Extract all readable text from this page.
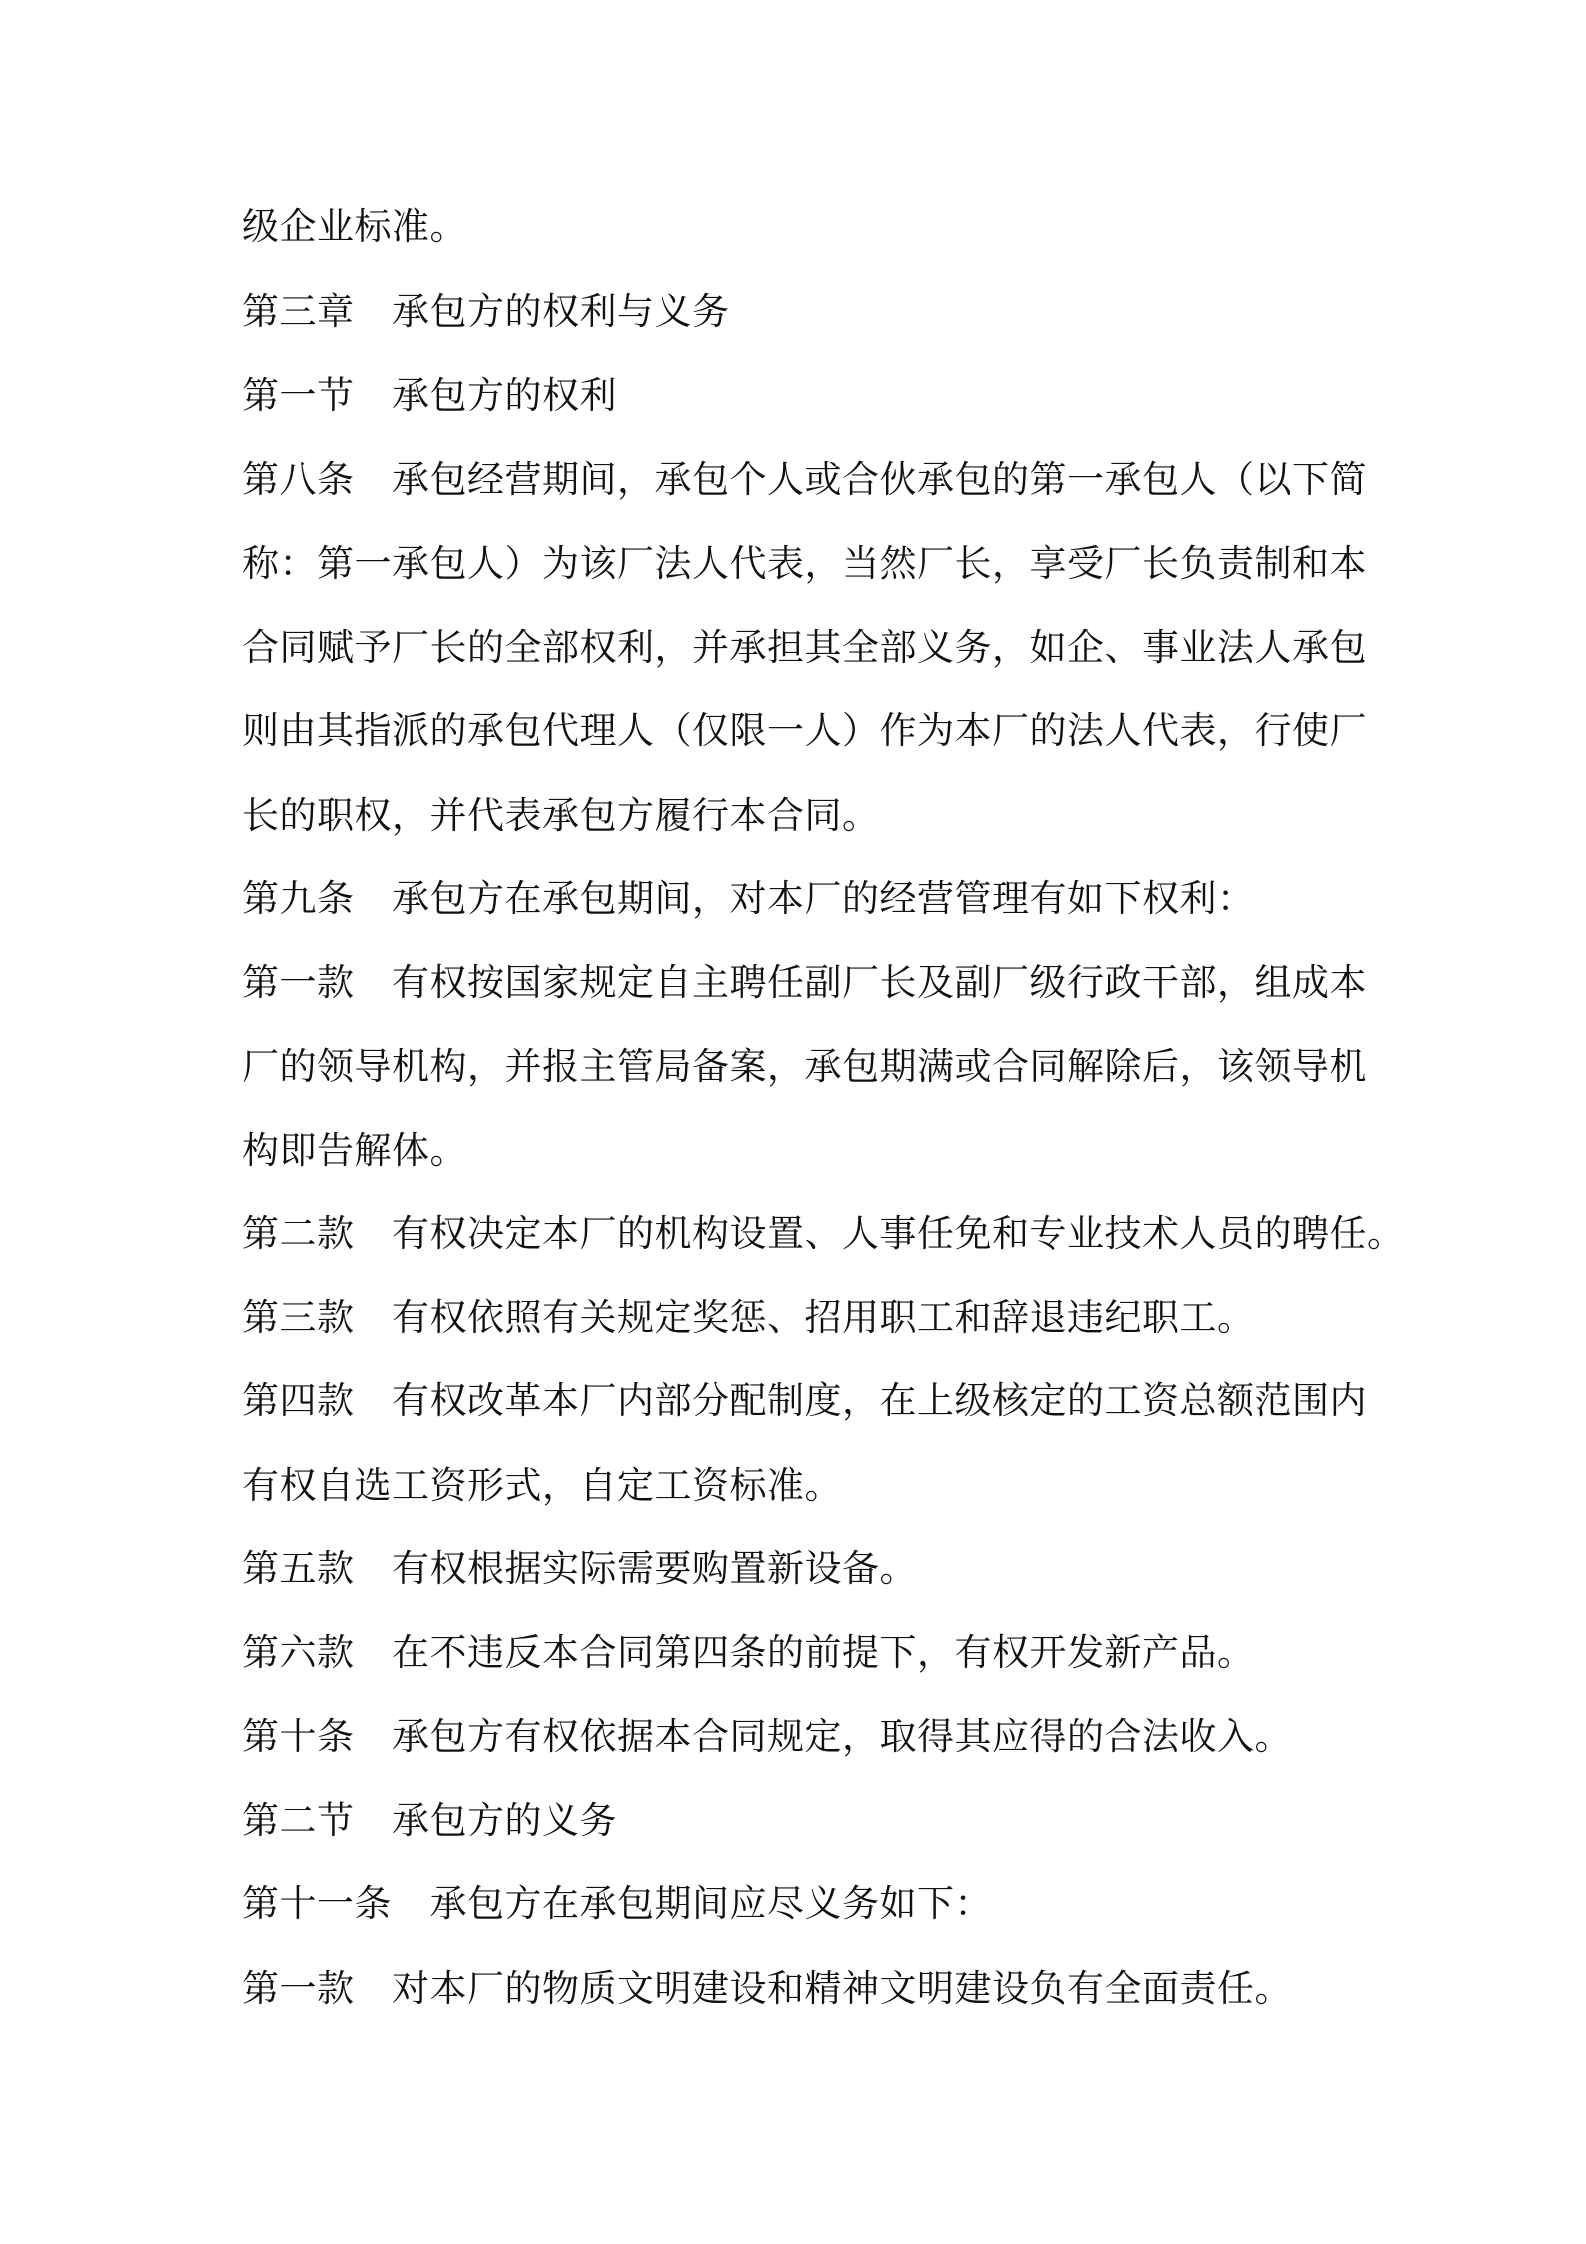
级企业标准。
第三章　承包方的权利与义务
第一节　承包方的权利
第八条　承包经营期间，承包个人或合伙承包的第一承包人（以下简
称：第一承包人）为该厂法人代表，当然厂长，享受厂长负责制和本
合同赋予厂长的全部权利，并承担其全部义务，如企、事业法人承包
则由其指派的承包代理人（仅限一人）作为本厂的法人代表，行使厂
长的职权，并代表承包方履行本合同。
第九条　承包方在承包期间，对本厂的经营管理有如下权利：
第一款　有权按国家规定自主聘任副厂长及副厂级行政干部，组成本
厂的领导机构，并报主管局备案，承包期满或合同解除后，该领导机
构即告解体。
第二款　有权决定本厂的机构设置、人事任免和专业技术人员的聘任。
第三款　有权依照有关规定奖惩、招用职工和辞退违纪职工。
第四款　有权改革本厂内部分配制度，在上级核定的工资总额范围内
有权自选工资形式，自定工资标准。
第五款　有权根据实际需要购置新设备。
第六款　在不违反本合同第四条的前提下，有权开发新产品。
第十条　承包方有权依据本合同规定，取得其应得的合法收入。
第二节　承包方的义务
第十一条　承包方在承包期间应尽义务如下：
第一款　对本厂的物质文明建设和精神文明建设负有全面责任。
